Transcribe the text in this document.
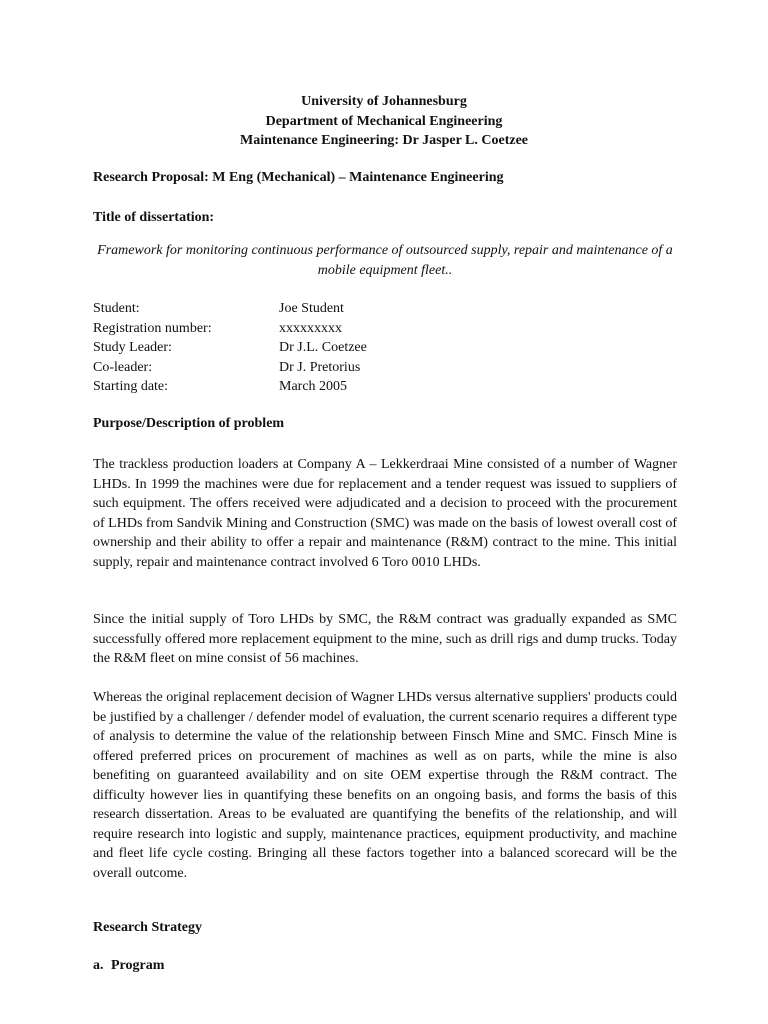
University of Johannesburg
Department of Mechanical Engineering
Maintenance Engineering: Dr Jasper L. Coetzee
Research Proposal: M Eng (Mechanical) – Maintenance Engineering
Title of dissertation:
Framework for monitoring continuous performance of outsourced supply, repair and maintenance of a mobile equipment fleet..
Student:	Joe Student
Registration number:	xxxxxxxxx
Study Leader:	Dr J.L. Coetzee
Co-leader:	Dr J. Pretorius
Starting date:	March 2005
Purpose/Description of problem

The trackless production loaders at Company A – Lekkerdraai Mine consisted of a number of Wagner LHDs. In 1999 the machines were due for replacement and a tender request was issued to suppliers of such equipment. The offers received were adjudicated and a decision to proceed with the procurement of LHDs from Sandvik Mining and Construction (SMC) was made on the basis of lowest overall cost of ownership and their ability to offer a repair and maintenance (R&M) contract to the mine. This initial supply, repair and maintenance contract involved 6 Toro 0010 LHDs.

Since the initial supply of Toro LHDs by SMC, the R&M contract was gradually expanded as SMC successfully offered more replacement equipment to the mine, such as drill rigs and dump trucks. Today the R&M fleet on mine consist of 56 machines.

Whereas the original replacement decision of Wagner LHDs versus alternative suppliers' products could be justified by a challenger / defender model of evaluation, the current scenario requires a different type of analysis to determine the value of the relationship between Finsch Mine and SMC. Finsch Mine is offered preferred prices on procurement of machines as well as on parts, while the mine is also benefiting on guaranteed availability and on site OEM expertise through the R&M contract. The difficulty however lies in quantifying these benefits on an ongoing basis, and forms the basis of this research dissertation. Areas to be evaluated are quantifying the benefits of the relationship, and will require research into logistic and supply, maintenance practices, equipment productivity, and machine and fleet life cycle costing. Bringing all these factors together into a balanced scorecard will be the overall outcome.

Research Strategy
a. Program
